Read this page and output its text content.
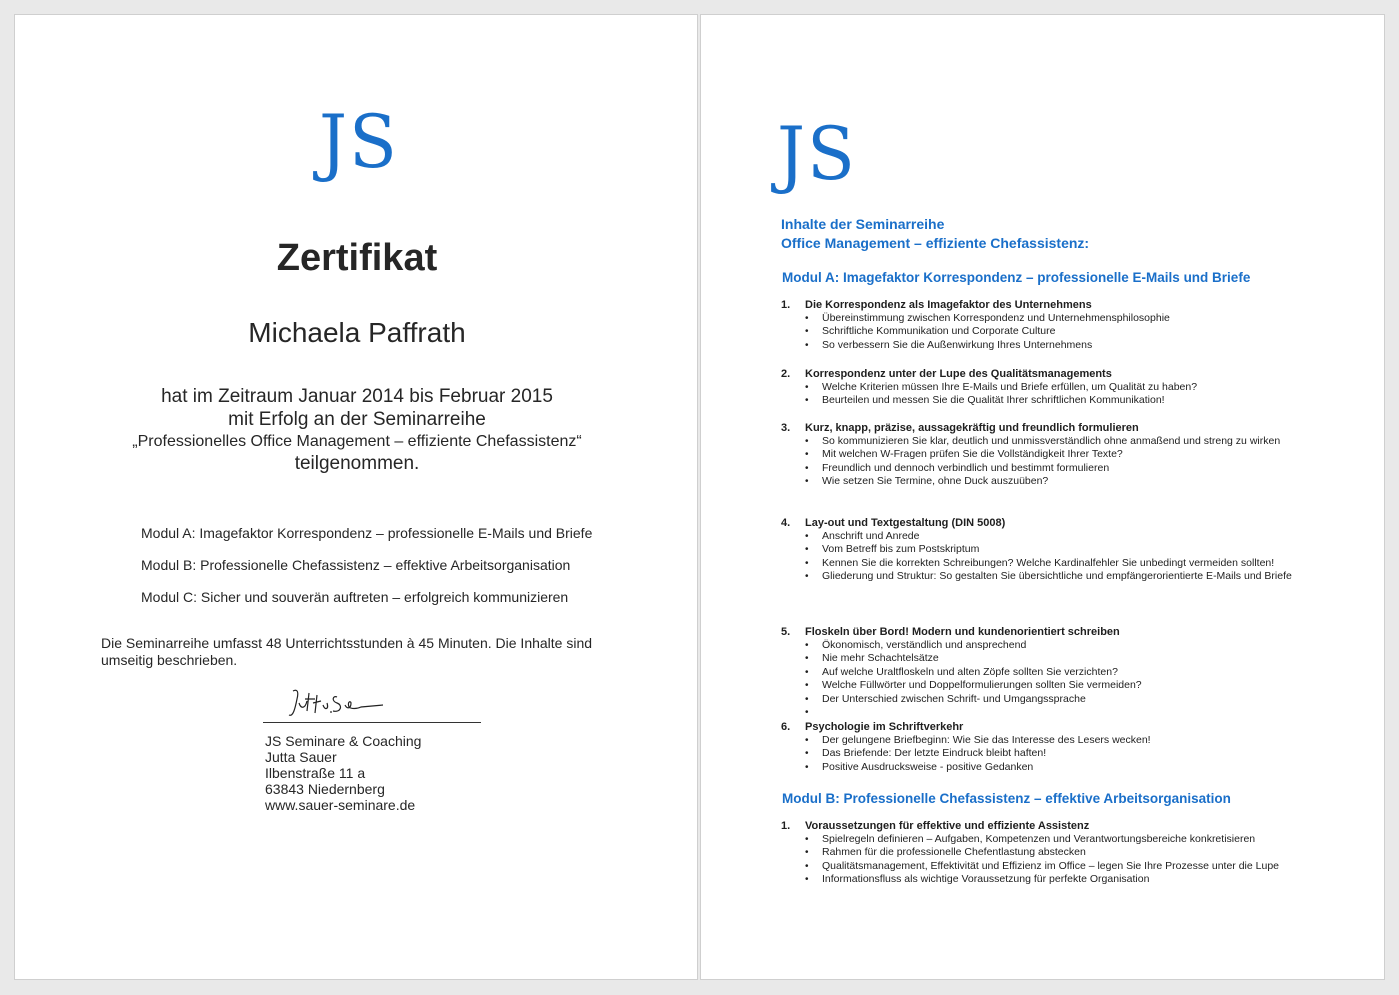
JS
Zertifikat
Michaela Paffrath
hat im Zeitraum Januar 2014 bis Februar 2015
mit Erfolg an der Seminarreihe
„Professionelles Office Management – effiziente Chefassistenz“
teilgenommen.
Modul A: Imagefaktor Korrespondenz – professionelle E-Mails und Briefe
Modul B: Professionelle Chefassistenz – effektive Arbeitsorganisation
Modul C: Sicher und souverän auftreten – erfolgreich kommunizieren
Die Seminarreihe umfasst 48 Unterrichtsstunden à 45 Minuten. Die Inhalte sind umseitig beschrieben.
JS Seminare & Coaching
Jutta Sauer
Ilbenstraße 11 a
63843 Niedernberg
www.sauer-seminare.de
JS
Inhalte der Seminarreihe
Office Management – effiziente Chefassistenz:
Modul A: Imagefaktor Korrespondenz – professionelle E-Mails und Briefe
Modul B: Professionelle Chefassistenz – effektive Arbeitsorganisation
1.	Die Korrespondenz als Imagefaktor des Unternehmens
• Übereinstimmung zwischen Korrespondenz und Unternehmensphilosophie
• Schriftliche Kommunikation und Corporate Culture
• So verbessern Sie die Außenwirkung Ihres Unternehmens
2.	Korrespondenz unter der Lupe des Qualitätsmanagements
• Welche Kriterien müssen Ihre E-Mails und Briefe erfüllen, um Qualität zu haben?
• Beurteilen und messen Sie die Qualität Ihrer schriftlichen Kommunikation!
3.	Kurz, knapp, präzise, aussagekräftig und freundlich formulieren
• So kommunizieren Sie klar, deutlich und unmissverständlich ohne anmaßend und streng zu wirken
• Mit welchen W-Fragen prüfen Sie die Vollständigkeit Ihrer Texte?
• Freundlich und dennoch verbindlich und bestimmt formulieren
• Wie setzen Sie Termine, ohne Duck auszuüben?
4.	Lay-out und Textgestaltung (DIN 5008)
• Anschrift und Anrede
• Vom Betreff bis zum Postskriptum
• Kennen Sie die korrekten Schreibungen? Welche Kardinalfehler Sie unbedingt vermeiden sollten!
• Gliederung und Struktur: So gestalten Sie übersichtliche und empfängerorientierte E-Mails und Briefe
5.	Floskeln über Bord! Modern und kundenorientiert schreiben
• Ökonomisch, verständlich und ansprechend
• Nie mehr Schachtelsätze
• Auf welche Uraltfloskeln und alten Zöpfe sollten Sie verzichten?
• Welche Füllwörter und Doppelformulierungen sollten Sie vermeiden?
• Der Unterschied zwischen Schrift- und Umgangssprache
•
6.	Psychologie im Schriftverkehr
• Der gelungene Briefbeginn: Wie Sie das Interesse des Lesers wecken!
• Das Briefende: Der letzte Eindruck bleibt haften!
• Positive Ausdrucksweise - positive Gedanken
1.	Voraussetzungen für effektive und effiziente Assistenz
• Spielregeln definieren – Aufgaben, Kompetenzen und Verantwortungsbereiche konkretisieren
• Rahmen für die professionelle Chefentlastung abstecken
• Qualitätsmanagement, Effektivität und Effizienz im Office – legen Sie Ihre Prozesse unter die Lupe
• Informationsfluss als wichtige Voraussetzung für perfekte Organisation
